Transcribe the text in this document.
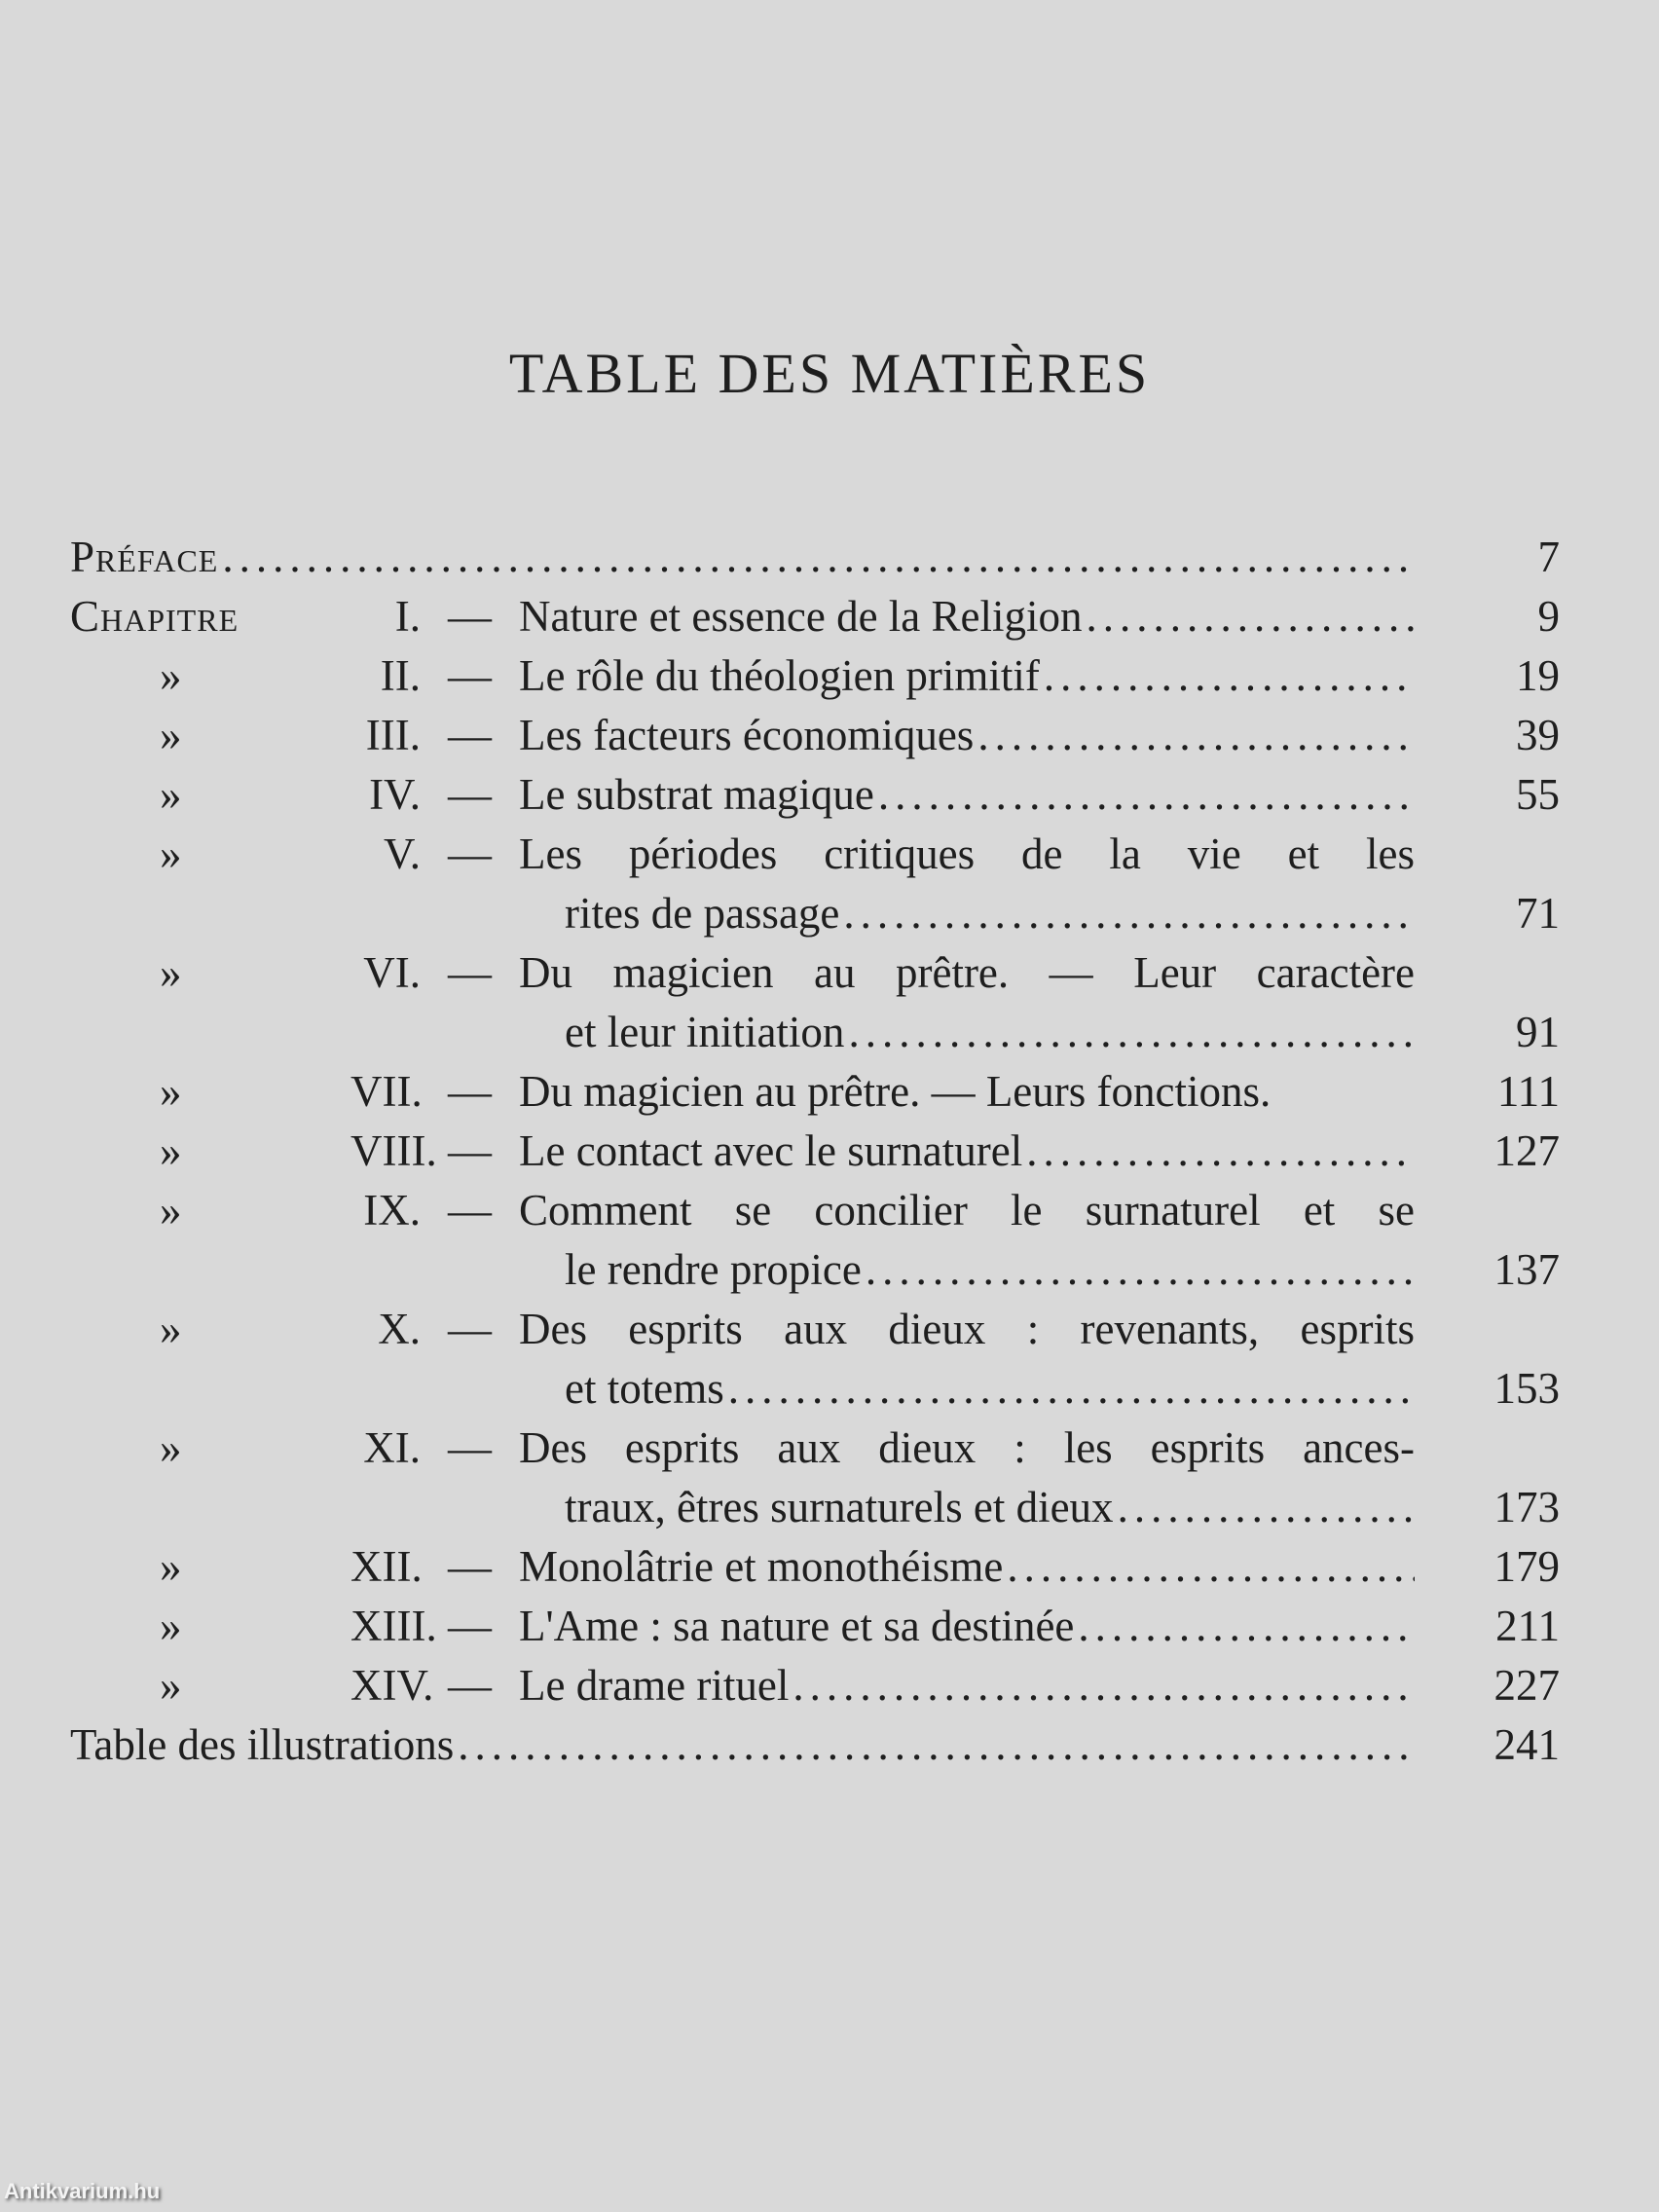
TABLE DES MATIÈRES
Préface .....	7
Chapitre	I. — Nature et essence de la Religion .....	9
»	II. — Le rôle du théologien primitif .....	19
»	III. — Les facteurs économiques .....	39
»	IV. — Le substrat magique .....	55
»	V. — Les périodes critiques de la vie et les
rites de passage .....	71
»	VI. — Du magicien au prêtre. — Leur caractère
et leur initiation .....	91
»	VII. — Du magicien au prêtre. — Leurs fonctions.	111
»	VIII. — Le contact avec le surnaturel .....	127
»	IX. — Comment se concilier le surnaturel et se
le rendre propice .....	137
»	X. — Des esprits aux dieux : revenants, esprits
et totems .....	153
»	XI. — Des esprits aux dieux : les esprits ances-
traux, êtres surnaturels et dieux .....	173
»	XII. — Monolâtrie et monothéisme .....	179
»	XIII. — L'Ame : sa nature et sa destinée .....	211
»	XIV. — Le drame rituel .....	227
Table des illustrations .....	241
Antikvarium.hu
